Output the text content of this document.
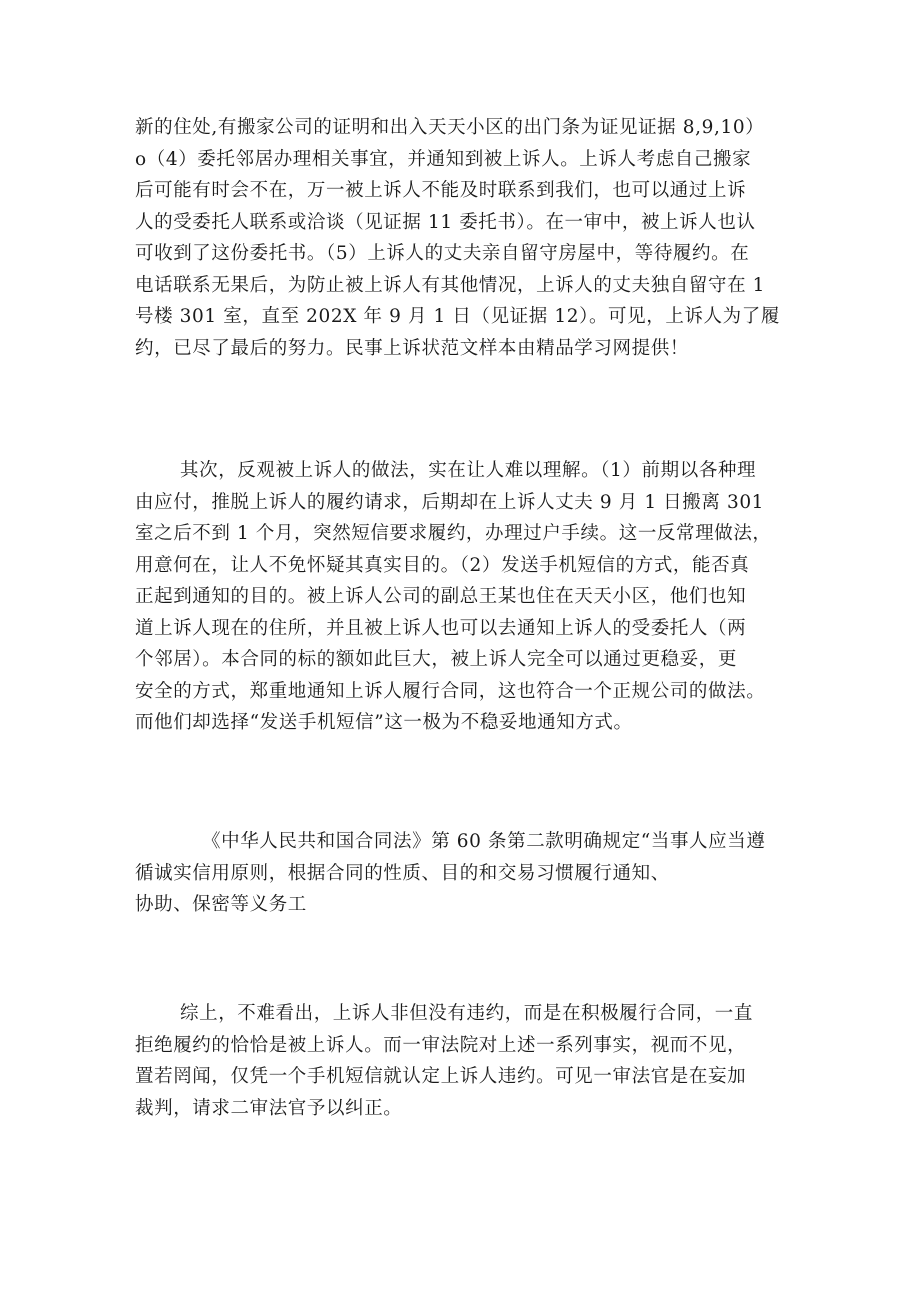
新的住处,有搬家公司的证明和出入天天小区的出门条为证见证据 8,9,10）
o（4）委托邻居办理相关事宜，并通知到被上诉人。上诉人考虑自己搬家
后可能有时会不在，万一被上诉人不能及时联系到我们，也可以通过上诉
人的受委托人联系或洽谈（见证据 11 委托书）。在一审中，被上诉人也认
可收到了这份委托书。（5）上诉人的丈夫亲自留守房屋中，等待履约。在
电话联系无果后，为防止被上诉人有其他情况，上诉人的丈夫独自留守在 1
号楼 301 室，直至 202X 年 9 月 1 日（见证据 12）。可见，上诉人为了履
约，已尽了最后的努力。民事上诉状范文样本由精品学习网提供！
其次，反观被上诉人的做法，实在让人难以理解。（1）前期以各种理
由应付，推脱上诉人的履约请求，后期却在上诉人丈夫 9 月 1 日搬离 301
室之后不到 1 个月，突然短信要求履约，办理过户手续。这一反常理做法，
用意何在，让人不免怀疑其真实目的。（2）发送手机短信的方式，能否真
正起到通知的目的。被上诉人公司的副总王某也住在天天小区，他们也知
道上诉人现在的住所，并且被上诉人也可以去通知上诉人的受委托人（两
个邻居）。本合同的标的额如此巨大，被上诉人完全可以通过更稳妥，更
安全的方式，郑重地通知上诉人履行合同，这也符合一个正规公司的做法。
而他们却选择“发送手机短信”这一极为不稳妥地通知方式。
《中华人民共和国合同法》第 60 条第二款明确规定“当事人应当遵
循诚实信用原则，根据合同的性质、目的和交易习惯履行通知、
协助、保密等义务工
综上，不难看出，上诉人非但没有违约，而是在积极履行合同，一直
拒绝履约的恰恰是被上诉人。而一审法院对上述一系列事实，视而不见，
置若罔闻，仅凭一个手机短信就认定上诉人违约。可见一审法官是在妄加
裁判，请求二审法官予以纠正。
